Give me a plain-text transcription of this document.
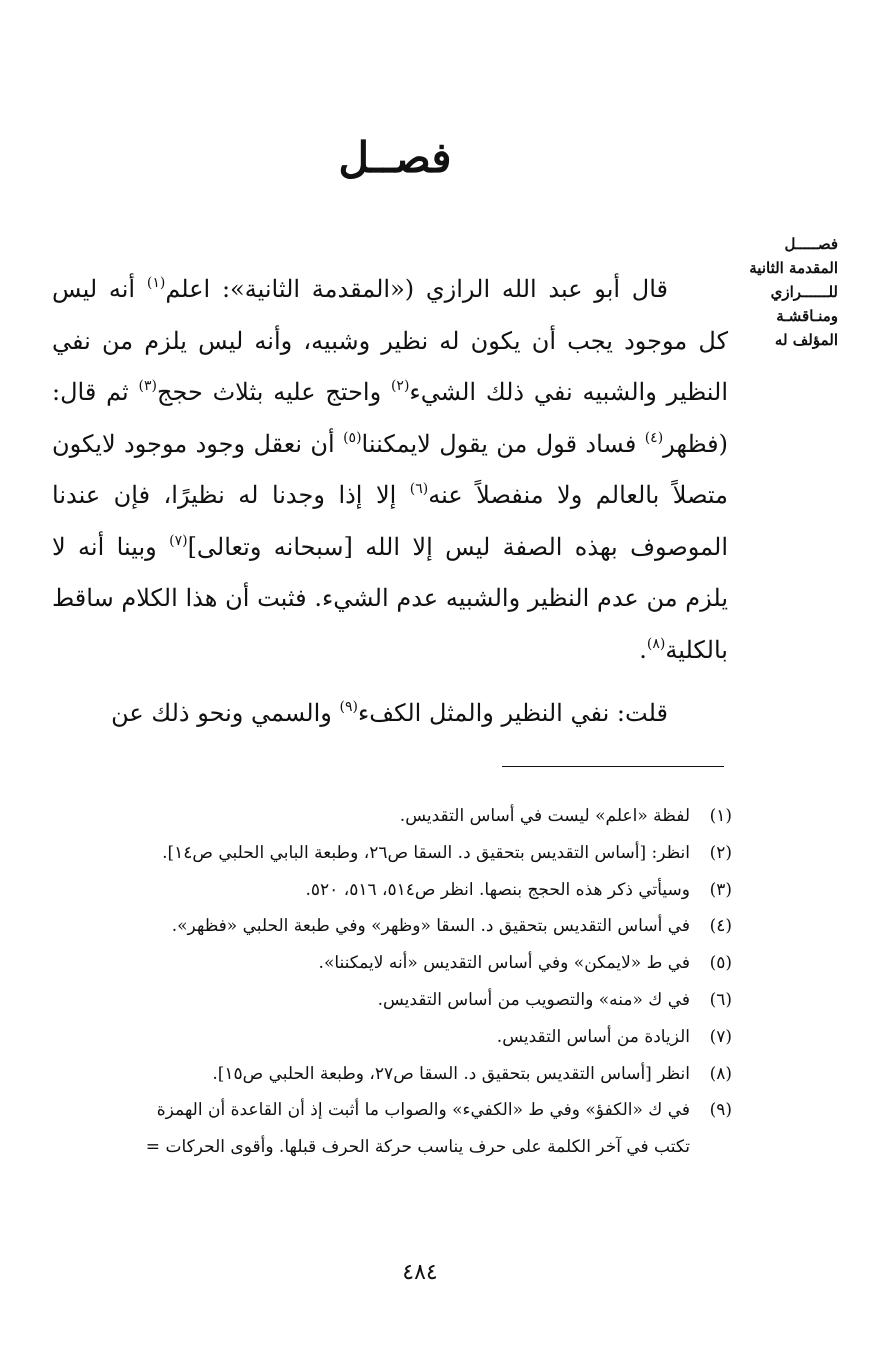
فصــل
فصـــــل
المقدمة الثانية
للــــــرازي
ومنـاقشـة
المؤلف له

قال أبو عبد الله الرازي («المقدمة الثانية»: اعلم$^{(١)}$ أنه ليس كل موجود يجب أن يكون له نظير وشبيه، وأنه ليس يلزم من نفي النظير والشبيه نفي ذلك الشيء$^{(٢)}$ واحتج عليه بثلاث حجج$^{(٣)}$ ثم قال: (فظهر$^{(٤)}$ فساد قول من يقول لايمكننا$^{(٥)}$ أن نعقل وجود موجود لايكون متصلاً بالعالم ولا منفصلاً عنه$^{(٦)}$ إلا إذا وجدنا له نظيرًا، فإن عندنا الموصوف بهذه الصفة ليس إلا الله [سبحانه وتعالى]$^{(٧)}$ وبينا أنه لا يلزم من عدم النظير والشبيه عدم الشيء. فثبت أن هذا الكلام ساقط بالكلية$^{(٨)}$.

قلت: نفي النظير والمثل الكفء$^{(٩)}$ والسمي ونحو ذلك عن

(١)
لفظة «اعلم» ليست في أساس التقديس.
(٢)
انظر: [أساس التقديس بتحقيق د. السقا ص٢٦، وطبعة البابي الحلبي ص١٤].
(٣)
وسيأتي ذكر هذه الحجج بنصها. انظر ص٥١٤، ٥١٦، ٥٢٠.
(٤)
في أساس التقديس بتحقيق د. السقا «وظهر» وفي طبعة الحلبي «فظهر».
(٥)
في ط «لايمكن» وفي أساس التقديس «أنه لايمكننا».
(٦)
في ك «منه» والتصويب من أساس التقديس.
(٧)
الزيادة من أساس التقديس.
(٨)
انظر [أساس التقديس بتحقيق د. السقا ص٢٧، وطبعة الحلبي ص١٥].
(٩)
في ك «الكفؤ» وفي ط «الكفيء» والصواب ما أثبت إذ أن القاعدة أن الهمزة
تكتب في آخر الكلمة على حرف يناسب حركة الحرف قبلها. وأقوى الحركات =
٤٨٤
